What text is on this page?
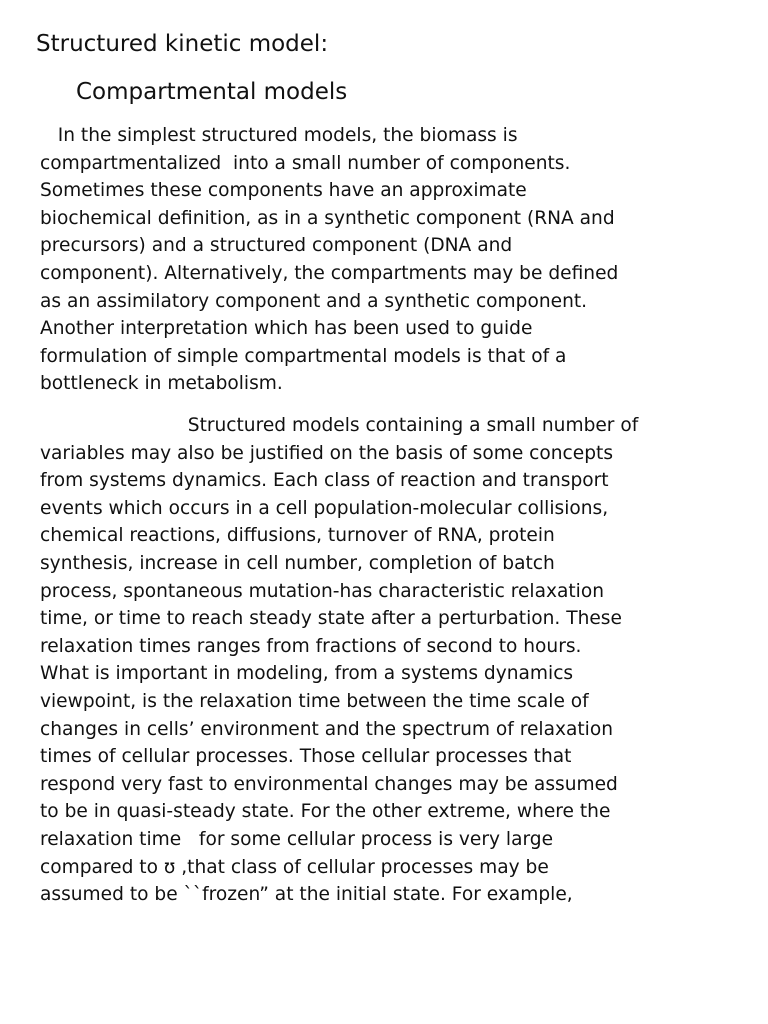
Structured kinetic model:
Compartmental models

In the simplest structured models, the biomass is
compartmentalized  into a small number of components.
Sometimes these components have an approximate
biochemical definition, as in a synthetic component (RNA and
precursors) and a structured component (DNA and
component). Alternatively, the compartments may be defined
as an assimilatory component and a synthetic component.
Another interpretation which has been used to guide
formulation of simple compartmental models is that of a
bottleneck in metabolism.

Structured models containing a small number of
variables may also be justified on the basis of some concepts
from systems dynamics. Each class of reaction and transport
events which occurs in a cell population-molecular collisions,
chemical reactions, diffusions, turnover of RNA, protein
synthesis, increase in cell number, completion of batch
process, spontaneous mutation-has characteristic relaxation
time, or time to reach steady state after a perturbation. These
relaxation times ranges from fractions of second to hours.
What is important in modeling, from a systems dynamics
viewpoint, is the relaxation time between the time scale of
changes in cells’ environment and the spectrum of relaxation
times of cellular processes. Those cellular processes that
respond very fast to environmental changes may be assumed
to be in quasi-steady state. For the other extreme, where the
relaxation time   for some cellular process is very large
compared to ʊ ,that class of cellular processes may be
assumed to be ``frozen” at the initial state. For example,
